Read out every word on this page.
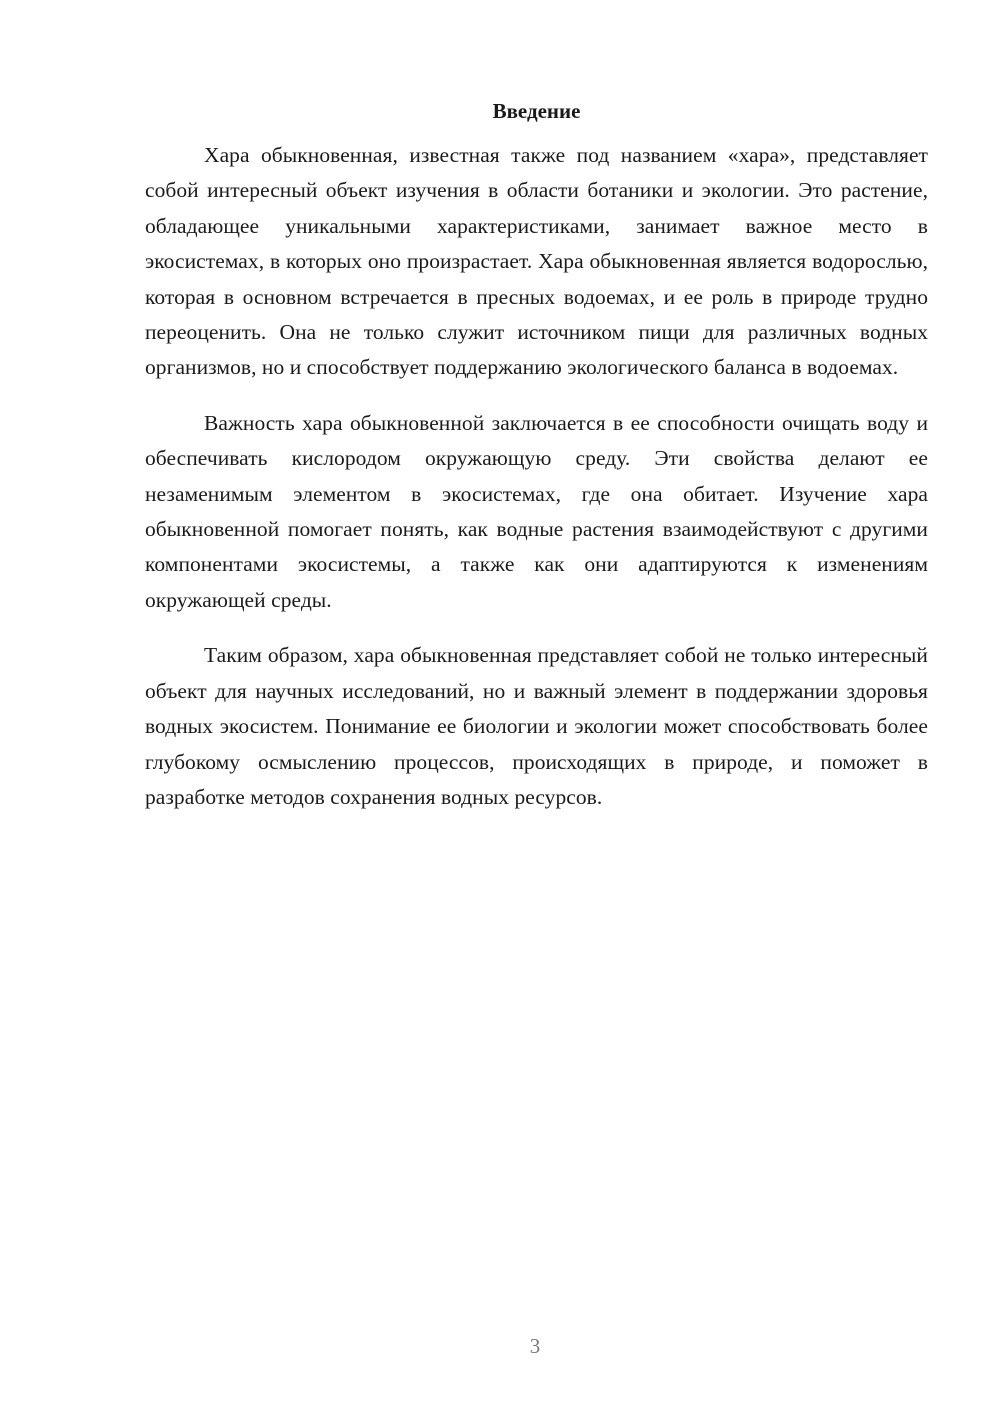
Введение

Хара обыкновенная, известная также под названием «хара», представляет собой интересный объект изучения в области ботаники и экологии. Это растение, обладающее уникальными характеристиками, занимает важное место в экосистемах, в которых оно произрастает. Хара обыкновенная является водорослью, которая в основном встречается в пресных водоемах, и ее роль в природе трудно переоценить. Она не только служит источником пищи для различных водных организмов, но и способствует поддержанию экологического баланса в водоемах.

Важность хара обыкновенной заключается в ее способности очищать воду и обеспечивать кислородом окружающую среду. Эти свойства делают ее незаменимым элементом в экосистемах, где она обитает. Изучение хара обыкновенной помогает понять, как водные растения взаимодействуют с другими компонентами экосистемы, а также как они адаптируются к изменениям окружающей среды.

Таким образом, хара обыкновенная представляет собой не только интересный объект для научных исследований, но и важный элемент в поддержании здоровья водных экосистем. Понимание ее биологии и экологии может способствовать более глубокому осмыслению процессов, происходящих в природе, и поможет в разработке методов сохранения водных ресурсов.

3
